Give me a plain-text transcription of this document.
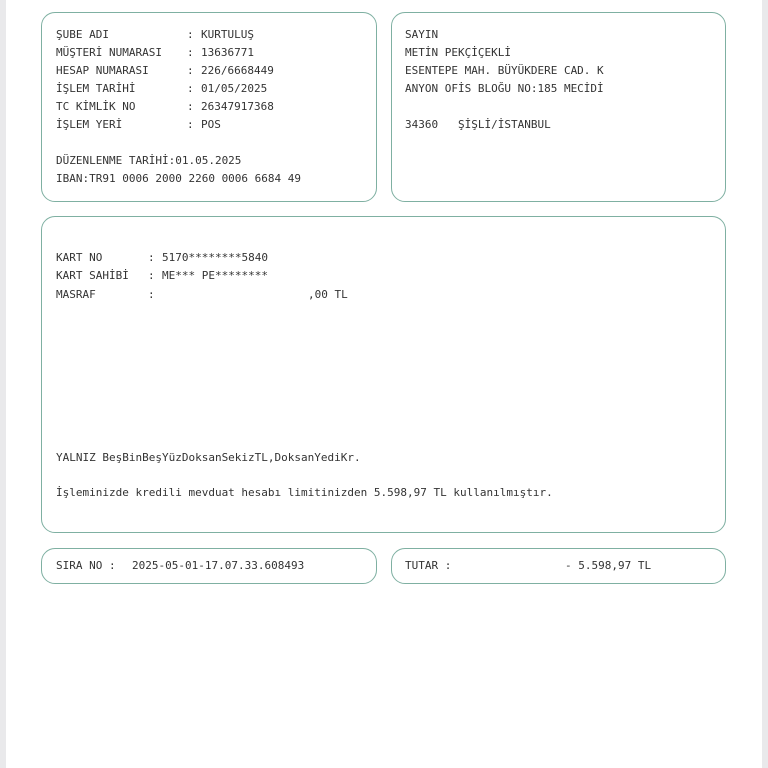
ŞUBE ADI	: KURTULUŞ
MÜŞTERİ NUMARASI : 13636771
HESAP NUMARASI	: 226/6668449
İŞLEM TARİHİ	: 01/05/2025
TC KİMLİK NO	: 26347917368
İŞLEM YERİ	: POS
DÜZENLENME TARİHİ:01.05.2025
IBAN:TR91 0006 2000 2260 0006 6684 49
SAYIN
METİN PEKÇİÇEKLİ
ESENTEPE MAH. BÜYÜKDERE CAD. K
ANYON OFİS BLOĞU NO:185 MECİDİ
34360   ŞİŞLİ/İSTANBUL
KART NO	: 5170********5840
KART SAHİBİ : ME*** PE********
MASRAF	:	,00 TL
YALNIZ BeşBinBeşYüzDoksanSekizTL,DoksanYediKr.
İşleminizde kredili mevduat hesabı limitinizden 5.598,97 TL kullanılmıştır.
SIRA NO : 2025-05-01-17.07.33.608493	TUTAR :	- 5.598,97 TL
